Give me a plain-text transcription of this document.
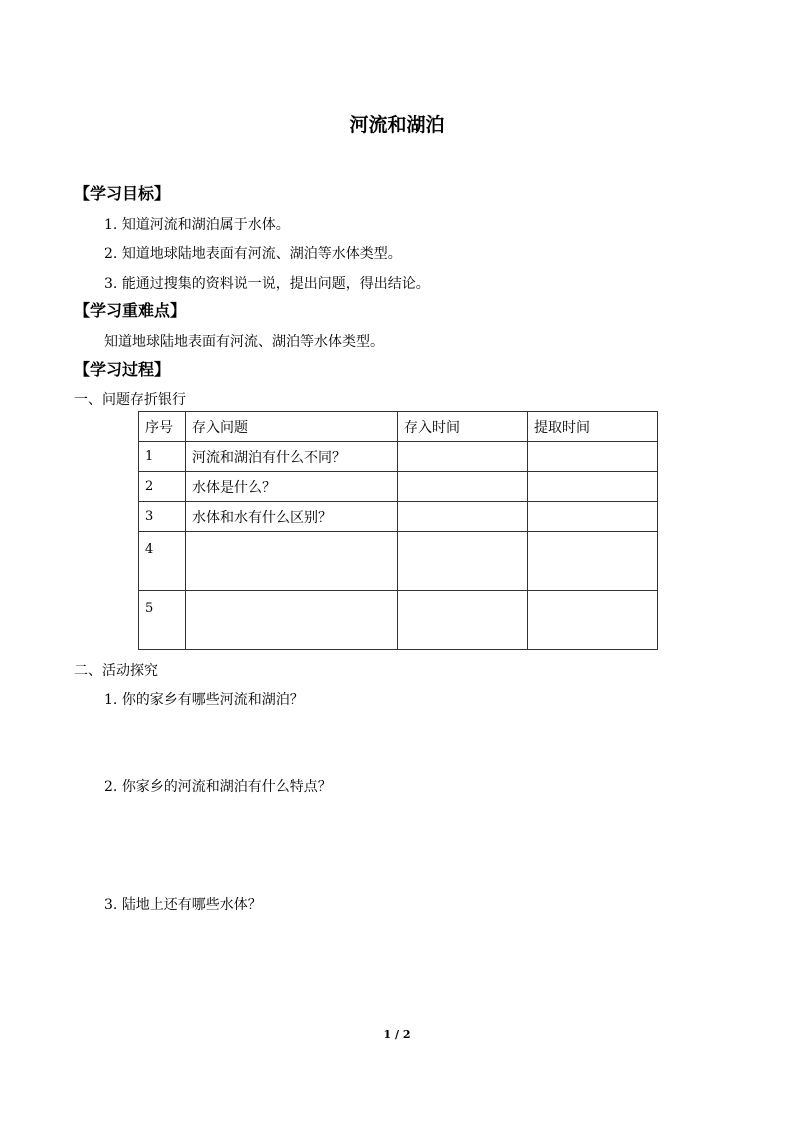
河流和湖泊
【学习目标】
1. 知道河流和湖泊属于水体。
2. 知道地球陆地表面有河流、湖泊等水体类型。
3. 能通过搜集的资料说一说，提出问题，得出结论。
【学习重难点】
知道地球陆地表面有河流、湖泊等水体类型。
【学习过程】
一、问题存折银行
序号	存入问题	存入时间	提取时间
1	河流和湖泊有什么不同？		
2	水体是什么？		
3	水体和水有什么区别？		
4			
5			
二、活动探究
1. 你的家乡有哪些河流和湖泊？
2. 你家乡的河流和湖泊有什么特点？
3. 陆地上还有哪些水体？
1 / 2
